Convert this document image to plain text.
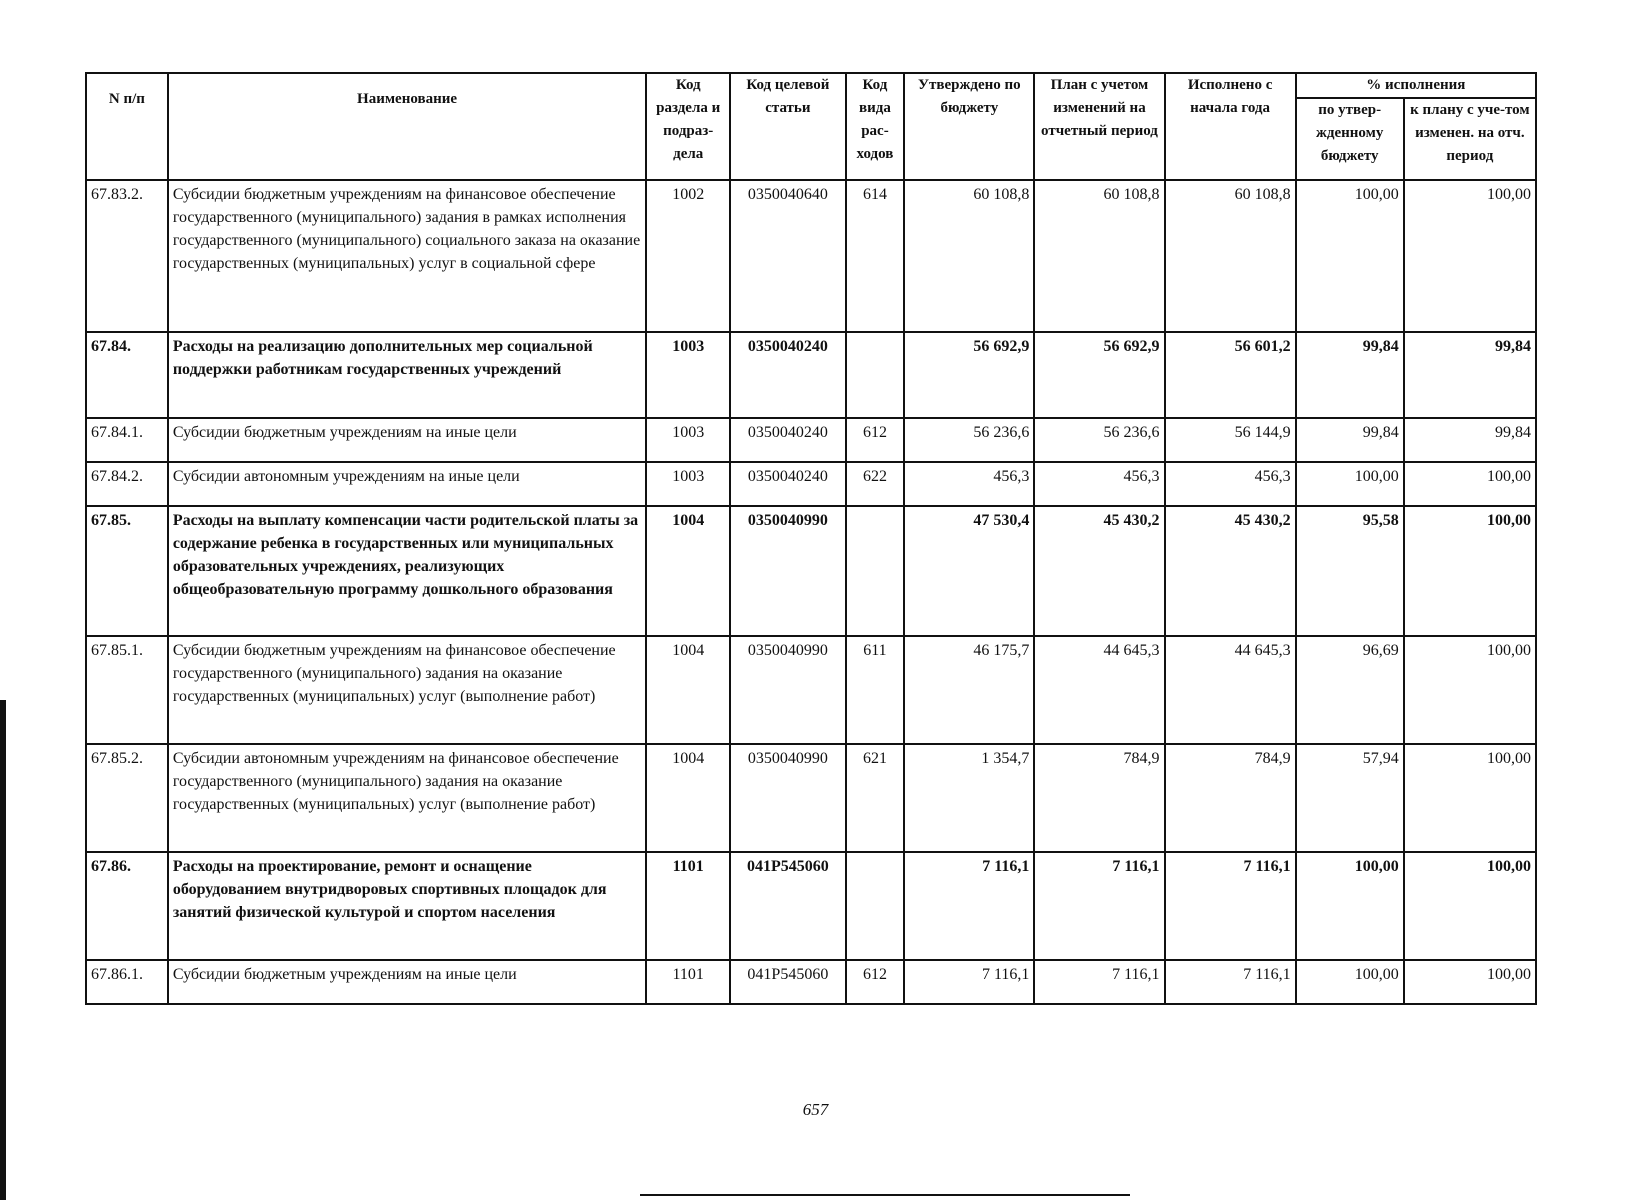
N п/п	Наименование	Код раздела и подраз-дела	Код целевой статьи	Код вида рас-ходов	Утверждено по бюджету	План с учетом изменений на отчетный период	Исполнено с начала года	% исполнения	
								по утвер-жденному бюджету	к плану с уче-том изменен. на отч. период
67.83.2.	Субсидии бюджетным учреждениям на финансовое обеспечение государственного (муниципального) задания в рамках исполнения государственного (муниципального) социального заказа на оказание государственных (муниципальных) услуг в социальной сфере	1002	0350040640	614	60 108,8	60 108,8	60 108,8	100,00	100,00
67.84.	Расходы на реализацию дополнительных мер социальной поддержки работникам государственных учреждений	1003	0350040240		56 692,9	56 692,9	56 601,2	99,84	99,84
67.84.1.	Субсидии бюджетным учреждениям на иные цели	1003	0350040240	612	56 236,6	56 236,6	56 144,9	99,84	99,84
67.84.2.	Субсидии автономным учреждениям на иные цели	1003	0350040240	622	456,3	456,3	456,3	100,00	100,00
67.85.	Расходы на выплату компенсации части родительской платы за содержание ребенка в государственных или муниципальных образовательных учреждениях, реализующих общеобразовательную программу дошкольного образования	1004	0350040990		47 530,4	45 430,2	45 430,2	95,58	100,00
67.85.1.	Субсидии бюджетным учреждениям на финансовое обеспечение государственного (муниципального) задания на оказание государственных (муниципальных) услуг (выполнение работ)	1004	0350040990	611	46 175,7	44 645,3	44 645,3	96,69	100,00
67.85.2.	Субсидии автономным учреждениям на финансовое обеспечение государственного (муниципального) задания на оказание государственных (муниципальных) услуг (выполнение работ)	1004	0350040990	621	1 354,7	784,9	784,9	57,94	100,00
67.86.	Расходы на проектирование, ремонт и оснащение оборудованием внутридворовых спортивных площадок для занятий физической культурой и спортом населения	1101	041P545060		7 116,1	7 116,1	7 116,1	100,00	100,00
67.86.1.	Субсидии бюджетным учреждениям на иные цели	1101	041P545060	612	7 116,1	7 116,1	7 116,1	100,00	100,00
657
